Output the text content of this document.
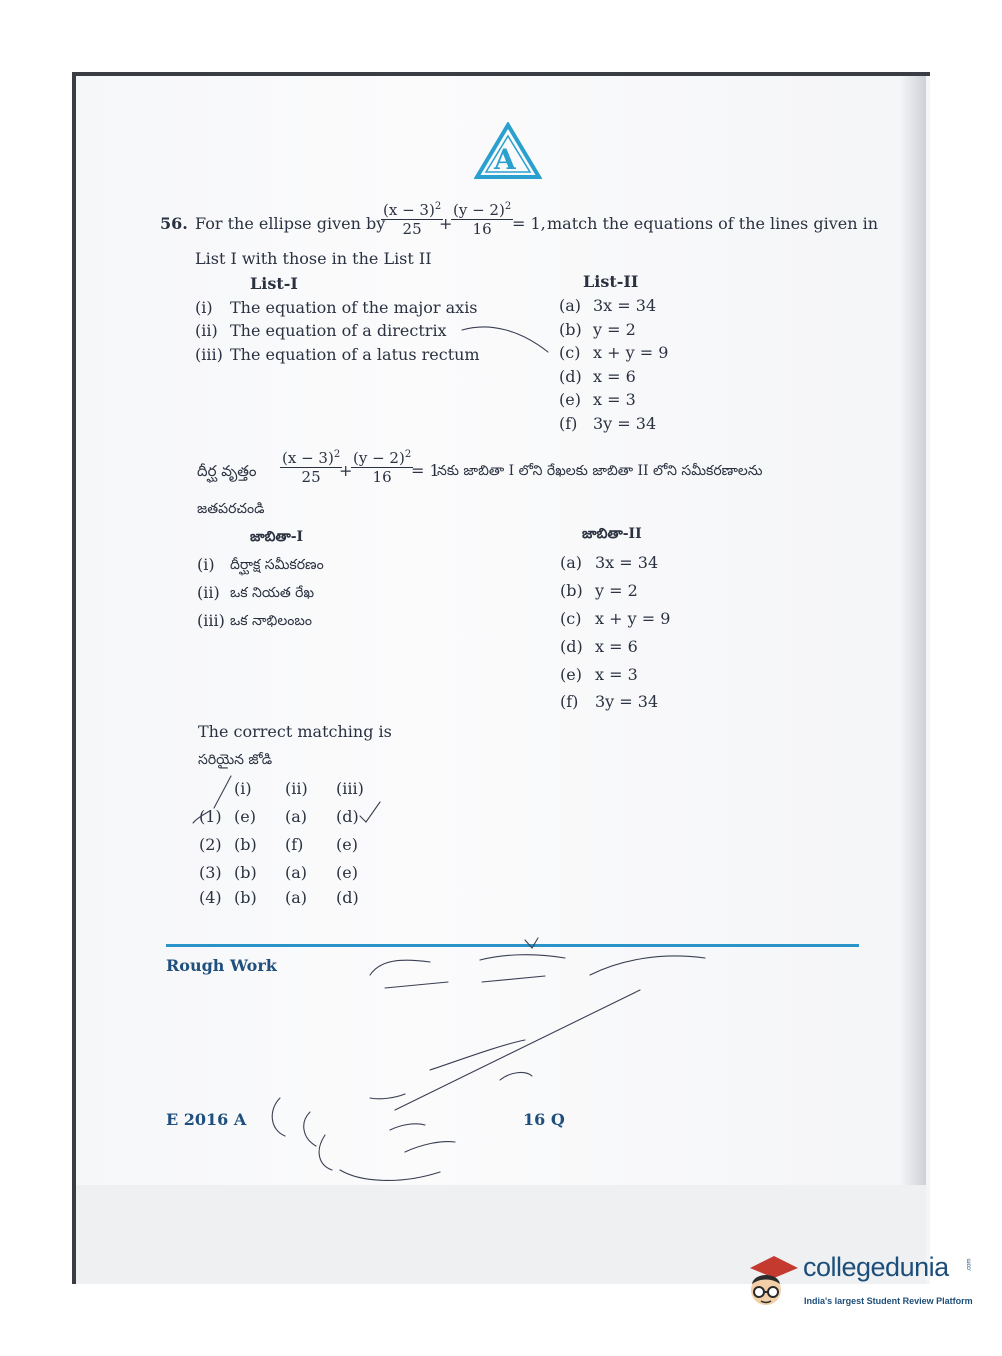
A
56. For the ellipse given by
$\frac{(x - 3)^2}{25}$
+
$\frac{(y - 2)^2}{16}$
= 1, match the equations of the lines given in
List I with those in the List II
List-I	List-II
(i) The equation of the major axis
(ii) The equation of a directrix
(iii) The equation of a latus rectum
(a) 3x = 34
(b) y = 2
(c) x + y = 9
(d) x = 6
(e) x = 3
(f) 3y = 34
దీర్ఘ వృత్తం $\frac{(x - 3)^2}{25}$
+
$\frac{(y - 2)^2}{16}$
= 1
నకు జాబితా I లోని రేఖలకు జాబితా II లోని సమీకరణాలను
జతపరచండి
జాబితా-I	జాబితా-II
(i) దీర్ఘాక్ష సమీకరణం
(ii) ఒక నియత రేఖ
(iii) ఒక నాభిలంబం
(a) 3x = 34
(b) y = 2
(c) x + y = 9
(d) x = 6
(e) x = 3
(f) 3y = 34
The correct matching is
సరియైన జోడి
(i) (ii) (iii)
(1) (e) (a) (d)
(2) (b) (f) (e)
(3) (b) (a) (e)
(4) (b) (a) (d)
Rough Work
E 2016 A	16 Q
collegedunia	.com
India's largest Student Review Platform
